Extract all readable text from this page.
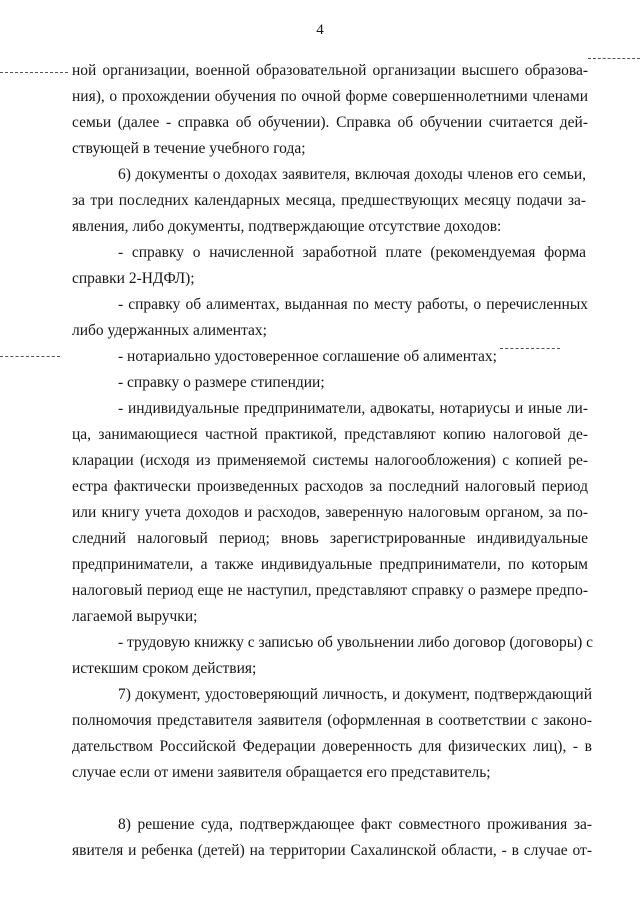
4
ной организации, военной образовательной организации высшего образова-
ния), о прохождении обучения по очной форме совершеннолетними членами
семьи (далее - справка об обучении). Справка об обучении считается дей-
ствующей в течение учебного года;
6) документы о доходах заявителя, включая доходы членов его семьи,
за три последних календарных месяца, предшествующих месяцу подачи за-
явления, либо документы, подтверждающие отсутствие доходов:
- справку о начисленной заработной плате (рекомендуемая форма
справки 2-НДФЛ);
- справку об алиментах, выданная по месту работы, о перечисленных
либо удержанных алиментах;
- нотариально удостоверенное соглашение об алиментах;
- справку о размере стипендии;
- индивидуальные предприниматели, адвокаты, нотариусы и иные ли-
ца, занимающиеся частной практикой, представляют копию налоговой де-
кларации (исходя из применяемой системы налогообложения) с копией ре-
естра фактически произведенных расходов за последний налоговый период
или книгу учета доходов и расходов, заверенную налоговым органом, за по-
следний налоговый период; вновь зарегистрированные индивидуальные
предприниматели, а также индивидуальные предприниматели, по которым
налоговый период еще не наступил, представляют справку о размере предпо-
лагаемой выручки;
- трудовую книжку с записью об увольнении либо договор (договоры) с
истекшим сроком действия;
7) документ, удостоверяющий личность, и документ, подтверждающий
полномочия представителя заявителя (оформленная в соответствии с законо-
дательством Российской Федерации доверенность для физических лиц), - в
случае если от имени заявителя обращается его представитель;
8) решение суда, подтверждающее факт совместного проживания за-
явителя и ребенка (детей) на территории Сахалинской области, - в случае от-
